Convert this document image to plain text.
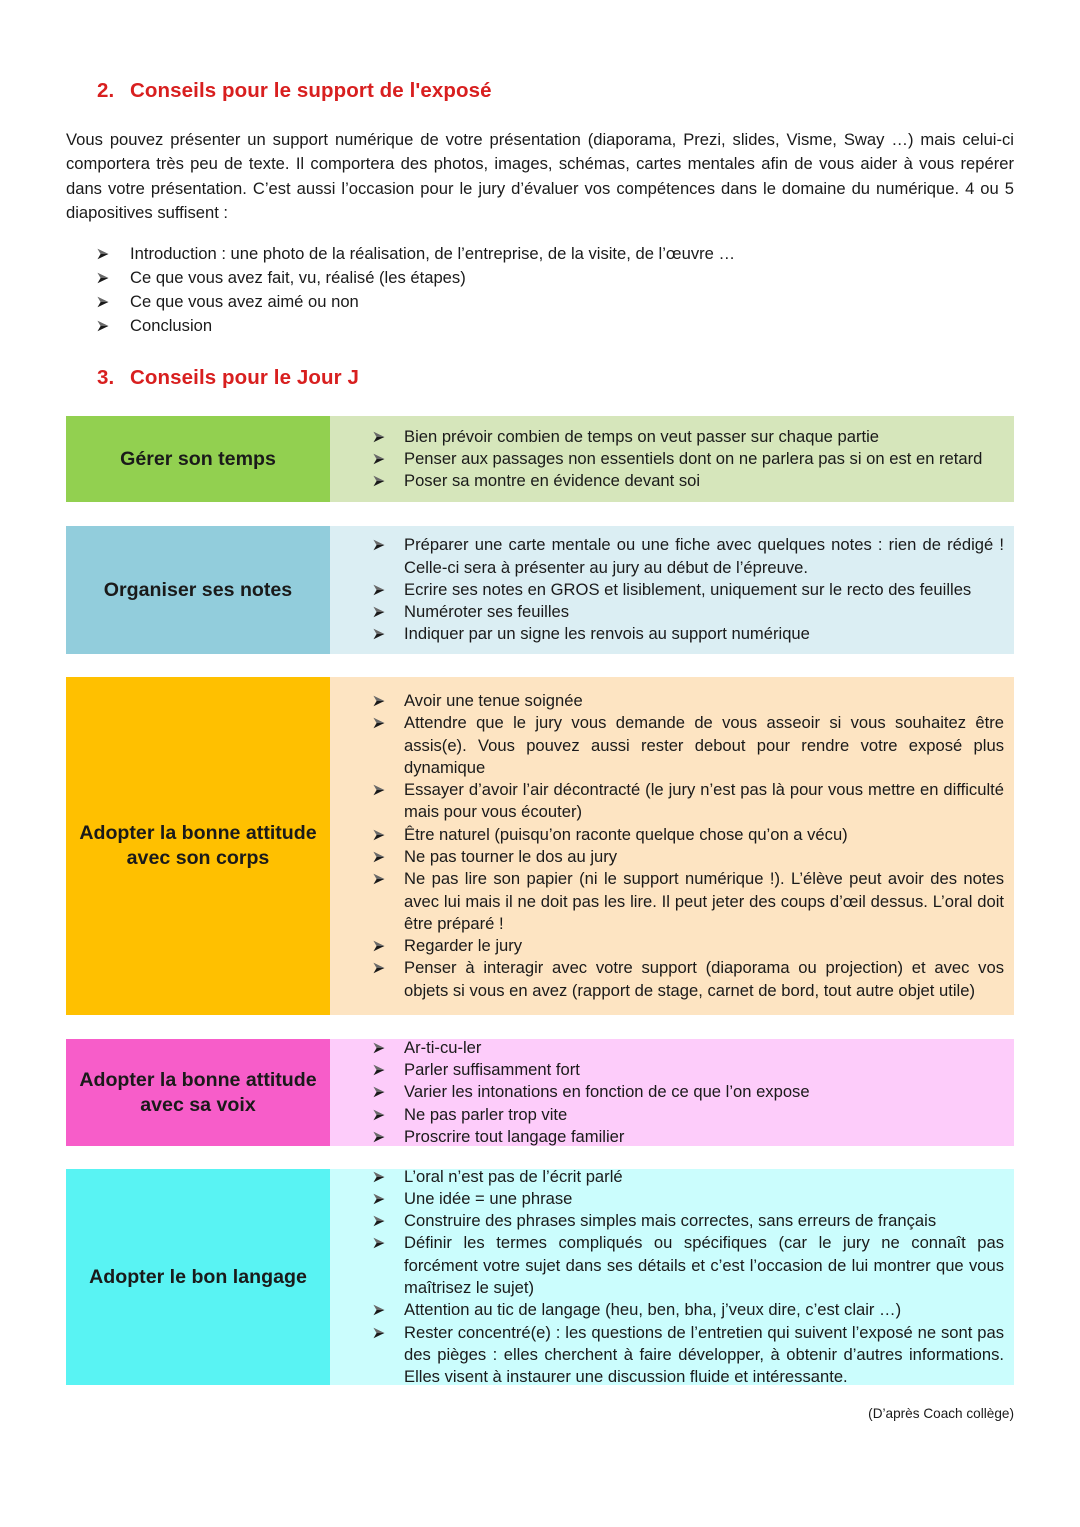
2. Conseils pour le support de l'exposé

Vous pouvez présenter un support numérique de votre présentation (diaporama, Prezi, slides, Visme, Sway …) mais celui-ci comportera très peu de texte. Il comportera des photos, images, schémas, cartes mentales afin de vous aider à vous repérer dans votre présentation. C’est aussi l’occasion pour le jury d’évaluer vos compétences dans le domaine du numérique. 4 ou 5 diapositives suffisent :

Introduction : une photo de la réalisation, de l’entreprise, de la visite, de l’œuvre …
Ce que vous avez fait, vu, réalisé (les étapes)
Ce que vous avez aimé ou non
Conclusion
3. Conseils pour le Jour J
Gérer son temps
Bien prévoir combien de temps on veut passer sur chaque partie
Penser aux passages non essentiels dont on ne parlera pas si on est en retard
Poser sa montre en évidence devant soi
Organiser ses notes
Préparer une carte mentale ou une fiche avec quelques notes : rien de rédigé ! Celle-ci sera à présenter au jury au début de l’épreuve.
Ecrire ses notes en GROS et lisiblement, uniquement sur le recto des feuilles
Numéroter ses feuilles
Indiquer par un signe les renvois au support numérique
Adopter la bonne attitude avec son corps
Avoir une tenue soignée
Attendre que le jury vous demande de vous asseoir si vous souhaitez être assis(e). Vous pouvez aussi rester debout pour rendre votre exposé plus dynamique
Essayer d’avoir l’air décontracté (le jury n’est pas là pour vous mettre en difficulté mais pour vous écouter)
Être naturel (puisqu’on raconte quelque chose qu’on a vécu)
Ne pas tourner le dos au jury
Ne pas lire son papier (ni le support numérique !). L’élève peut avoir des notes avec lui mais il ne doit pas les lire. Il peut jeter des coups d’œil dessus. L’oral doit être préparé !
Regarder le jury
Penser à interagir avec votre support (diaporama ou projection) et avec vos objets si vous en avez (rapport de stage, carnet de bord, tout autre objet utile)
Adopter la bonne attitude avec sa voix
Ar-ti-cu-ler
Parler suffisamment fort
Varier les intonations en fonction de ce que l’on expose
Ne pas parler trop vite
Proscrire tout langage familier
Adopter le bon langage
L’oral n’est pas de l’écrit parlé
Une idée = une phrase
Construire des phrases simples mais correctes, sans erreurs de français
Définir les termes compliqués ou spécifiques (car le jury ne connaît pas forcément votre sujet dans ses détails et c’est l’occasion de lui montrer que vous maîtrisez le sujet)
Attention au tic de langage (heu, ben, bha, j’veux dire, c’est clair …)
Rester concentré(e) : les questions de l’entretien qui suivent l’exposé ne sont pas des pièges : elles cherchent à faire développer, à obtenir d’autres informations. Elles visent à instaurer une discussion fluide et intéressante.

(D’après Coach collège)
